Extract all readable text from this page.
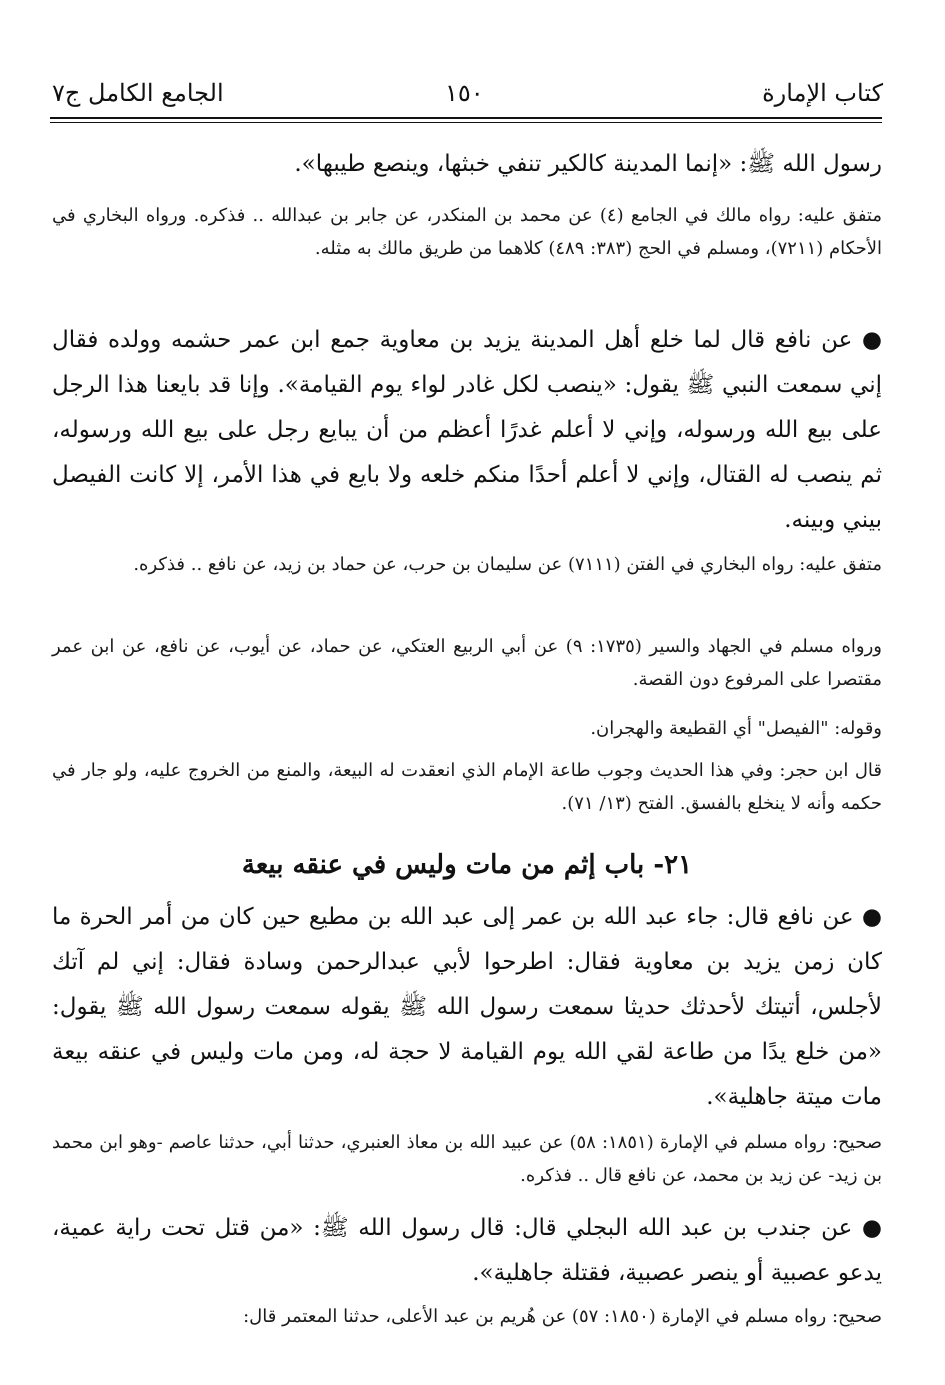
كتاب الإمارة
١٥٠
الجامع الكامل ج٧
رسول الله ﷺ: «إنما المدينة كالكير تنفي خبثها، وينصع طيبها».
متفق عليه: رواه مالك في الجامع (٤) عن محمد بن المنكدر، عن جابر بن عبدالله .. فذكره. ورواه البخاري في الأحكام (٧٢١١)، ومسلم في الحج (٣٨٣: ٤٨٩) كلاهما من طريق مالك به مثله.
● عن نافع قال لما خلع أهل المدينة يزيد بن معاوية جمع ابن عمر حشمه وولده فقال إني سمعت النبي ﷺ يقول: «ينصب لكل غادر لواء يوم القيامة». وإنا قد بايعنا هذا الرجل على بيع الله ورسوله، وإني لا أعلم غدرًا أعظم من أن يبايع رجل على بيع الله ورسوله، ثم ينصب له القتال، وإني لا أعلم أحدًا منكم خلعه ولا بايع في هذا الأمر، إلا كانت الفيصل بيني وبينه.
متفق عليه: رواه البخاري في الفتن (٧١١١) عن سليمان بن حرب، عن حماد بن زيد، عن نافع .. فذكره.
ورواه مسلم في الجهاد والسير (١٧٣٥: ٩) عن أبي الربيع العتكي، عن حماد، عن أيوب، عن نافع، عن ابن عمر مقتصرا على المرفوع دون القصة.
وقوله: "الفيصل" أي القطيعة والهجران.
قال ابن حجر: وفي هذا الحديث وجوب طاعة الإمام الذي انعقدت له البيعة، والمنع من الخروج عليه، ولو جار في حكمه وأنه لا ينخلع بالفسق. الفتح (١٣/ ٧١).
٢١- باب إثم من مات وليس في عنقه بيعة
● عن نافع قال: جاء عبد الله بن عمر إلى عبد الله بن مطيع حين كان من أمر الحرة ما كان زمن يزيد بن معاوية فقال: اطرحوا لأبي عبدالرحمن وسادة فقال: إني لم آتك لأجلس، أتيتك لأحدثك حديثا سمعت رسول الله ﷺ يقوله سمعت رسول الله ﷺ يقول: «من خلع يدًا من طاعة لقي الله يوم القيامة لا حجة له، ومن مات وليس في عنقه بيعة مات ميتة جاهلية».
صحيح: رواه مسلم في الإمارة (١٨٥١: ٥٨) عن عبيد الله بن معاذ العنبري، حدثنا أبي، حدثنا عاصم -وهو ابن محمد بن زيد- عن زيد بن محمد، عن نافع قال .. فذكره.
● عن جندب بن عبد الله البجلي قال: قال رسول الله ﷺ: «من قتل تحت راية عمية، يدعو عصبية أو ينصر عصبية، فقتلة جاهلية».
صحيح: رواه مسلم في الإمارة (١٨٥٠: ٥٧) عن هُريم بن عبد الأعلى، حدثنا المعتمر قال:
